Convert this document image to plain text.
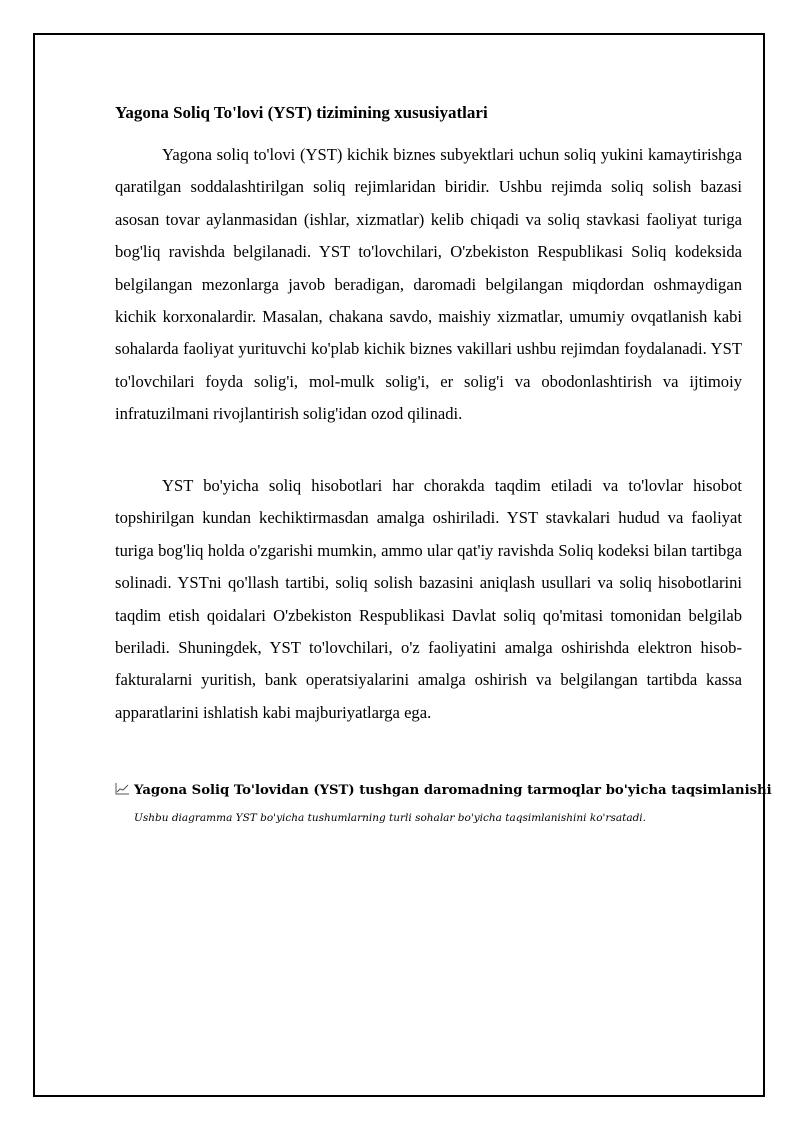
Yagona Soliq To'lovi (YST) tizimining xususiyatlari

Yagona soliq to'lovi (YST) kichik biznes subyektlari uchun soliq yukini kamaytirishga qaratilgan soddalashtirilgan soliq rejimlaridan biridir. Ushbu rejimda soliq solish bazasi asosan tovar aylanmasidan (ishlar, xizmatlar) kelib chiqadi va soliq stavkasi faoliyat turiga bog'liq ravishda belgilanadi. YST to'lovchilari, O'zbekiston Respublikasi Soliq kodeksida belgilangan mezonlarga javob beradigan, daromadi belgilangan miqdordan oshmaydigan kichik korxonalardir. Masalan, chakana savdo, maishiy xizmatlar, umumiy ovqatlanish kabi sohalarda faoliyat yurituvchi ko'plab kichik biznes vakillari ushbu rejimdan foydalanadi. YST to'lovchilari foyda solig'i, mol-mulk solig'i, er solig'i va obodonlashtirish va ijtimoiy infratuzilmani rivojlantirish solig'idan ozod qilinadi.

YST bo'yicha soliq hisobotlari har chorakda taqdim etiladi va to'lovlar hisobot topshirilgan kundan kechiktirmasdan amalga oshiriladi. YST stavkalari hudud va faoliyat turiga bog'liq holda o'zgarishi mumkin, ammo ular qat'iy ravishda Soliq kodeksi bilan tartibga solinadi. YSTni qo'llash tartibi, soliq solish bazasini aniqlash usullari va soliq hisobotlarini taqdim etish qoidalari O'zbekiston Respublikasi Davlat soliq qo'mitasi tomonidan belgilab beriladi. Shuningdek, YST to'lovchilari, o'z faoliyatini amalga oshirishda elektron hisob-fakturalarni yuritish, bank operatsiyalarini amalga oshirish va belgilangan tartibda kassa apparatlarini ishlatish kabi majburiyatlarga ega.

Yagona Soliq To'lovidan (YST) tushgan daromadning tarmoqlar bo'yicha taqsimlanishi

Ushbu diagramma YST bo'yicha tushumlarning turli sohalar bo'yicha taqsimlanishini ko'rsatadi.
